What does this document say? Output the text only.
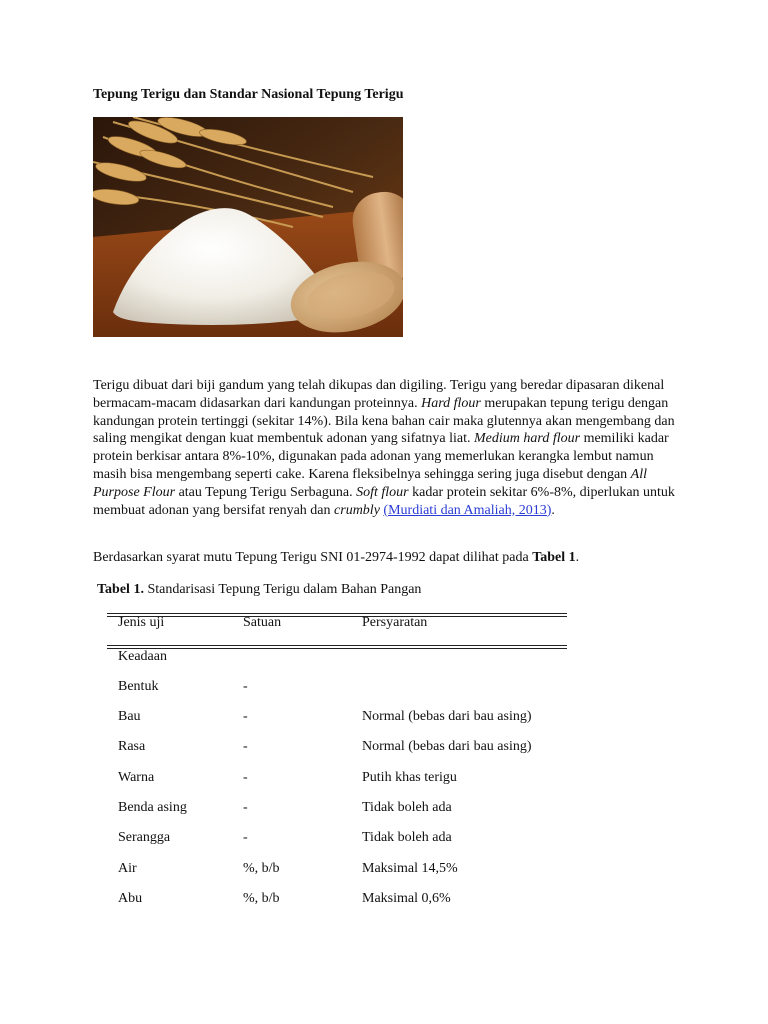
Tepung Terigu dan Standar Nasional Tepung Terigu
Terigu dibuat dari biji gandum yang telah dikupas dan digiling. Terigu yang beredar dipasaran dikenal bermacam-macam didasarkan dari kandungan proteinnya. Hard flour merupakan tepung terigu dengan kandungan protein tertinggi (sekitar 14%). Bila kena bahan cair maka glutennya akan mengembang dan saling mengikat dengan kuat membentuk adonan yang sifatnya liat. Medium hard flour memiliki kadar protein berkisar antara 8%-10%, digunakan pada adonan yang memerlukan kerangka lembut namun masih bisa mengembang seperti cake. Karena fleksibelnya sehingga sering juga disebut dengan All Purpose Flour atau Tepung Terigu Serbaguna. Soft flour kadar protein sekitar 6%-8%, diperlukan untuk membuat adonan yang bersifat renyah dan crumbly (Murdiati dan Amaliah, 2013).
Berdasarkan syarat mutu Tepung Terigu SNI 01-2974-1992 dapat dilihat pada Tabel 1.
Tabel 1. Standarisasi Tepung Terigu dalam Bahan Pangan
Jenis uji	Satuan	Persyaratan
Keadaan
Bentuk	-
Bau	-	Normal (bebas dari bau asing)
Rasa	-	Normal (bebas dari bau asing)
Warna	-	Putih khas terigu
Benda asing	-	Tidak boleh ada
Serangga	-	Tidak boleh ada
Air	%, b/b	Maksimal 14,5%
Abu	%, b/b	Maksimal 0,6%
